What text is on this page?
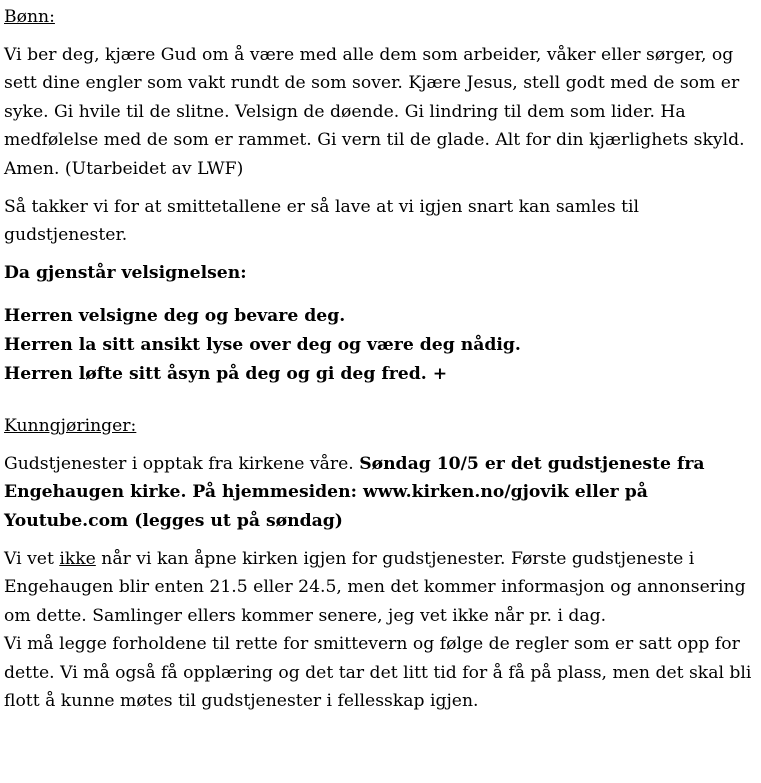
Bønn:

Vi ber deg, kjære Gud om å være med alle dem som arbeider, våker eller sørger, og sett dine engler som vakt rundt de som sover. Kjære Jesus, stell godt med de som er syke. Gi hvile til de slitne. Velsign de døende. Gi lindring til dem som lider. Ha medfølelse med de som er rammet. Gi vern til de glade. Alt for din kjærlighets skyld. Amen. (Utarbeidet av LWF)

Så takker vi for at smittetallene er så lave at vi igjen snart kan samles til gudstjenester.

Da gjenstår velsignelsen:

Herren velsigne deg og bevare deg.

Herren la sitt ansikt lyse over deg og være deg nådig.

Herren løfte sitt åsyn på deg og gi deg fred. +

Kunngjøringer:

Gudstjenester i opptak fra kirkene våre. Søndag 10/5 er det gudstjeneste fra Engehaugen kirke. På hjemmesiden: www.kirken.no/gjovik eller på Youtube.com (legges ut på søndag)

Vi vet ikke når vi kan åpne kirken igjen for gudstjenester. Første gudstjeneste i Engehaugen blir enten 21.5 eller 24.5, men det kommer informasjon og annonsering om dette. Samlinger ellers kommer senere, jeg vet ikke når pr. i dag.

Vi må legge forholdene til rette for smittevern og følge de regler som er satt opp for dette. Vi må også få opplæring og det tar det litt tid for å få på plass, men det skal bli flott å kunne møtes til gudstjenester i fellesskap igjen.
